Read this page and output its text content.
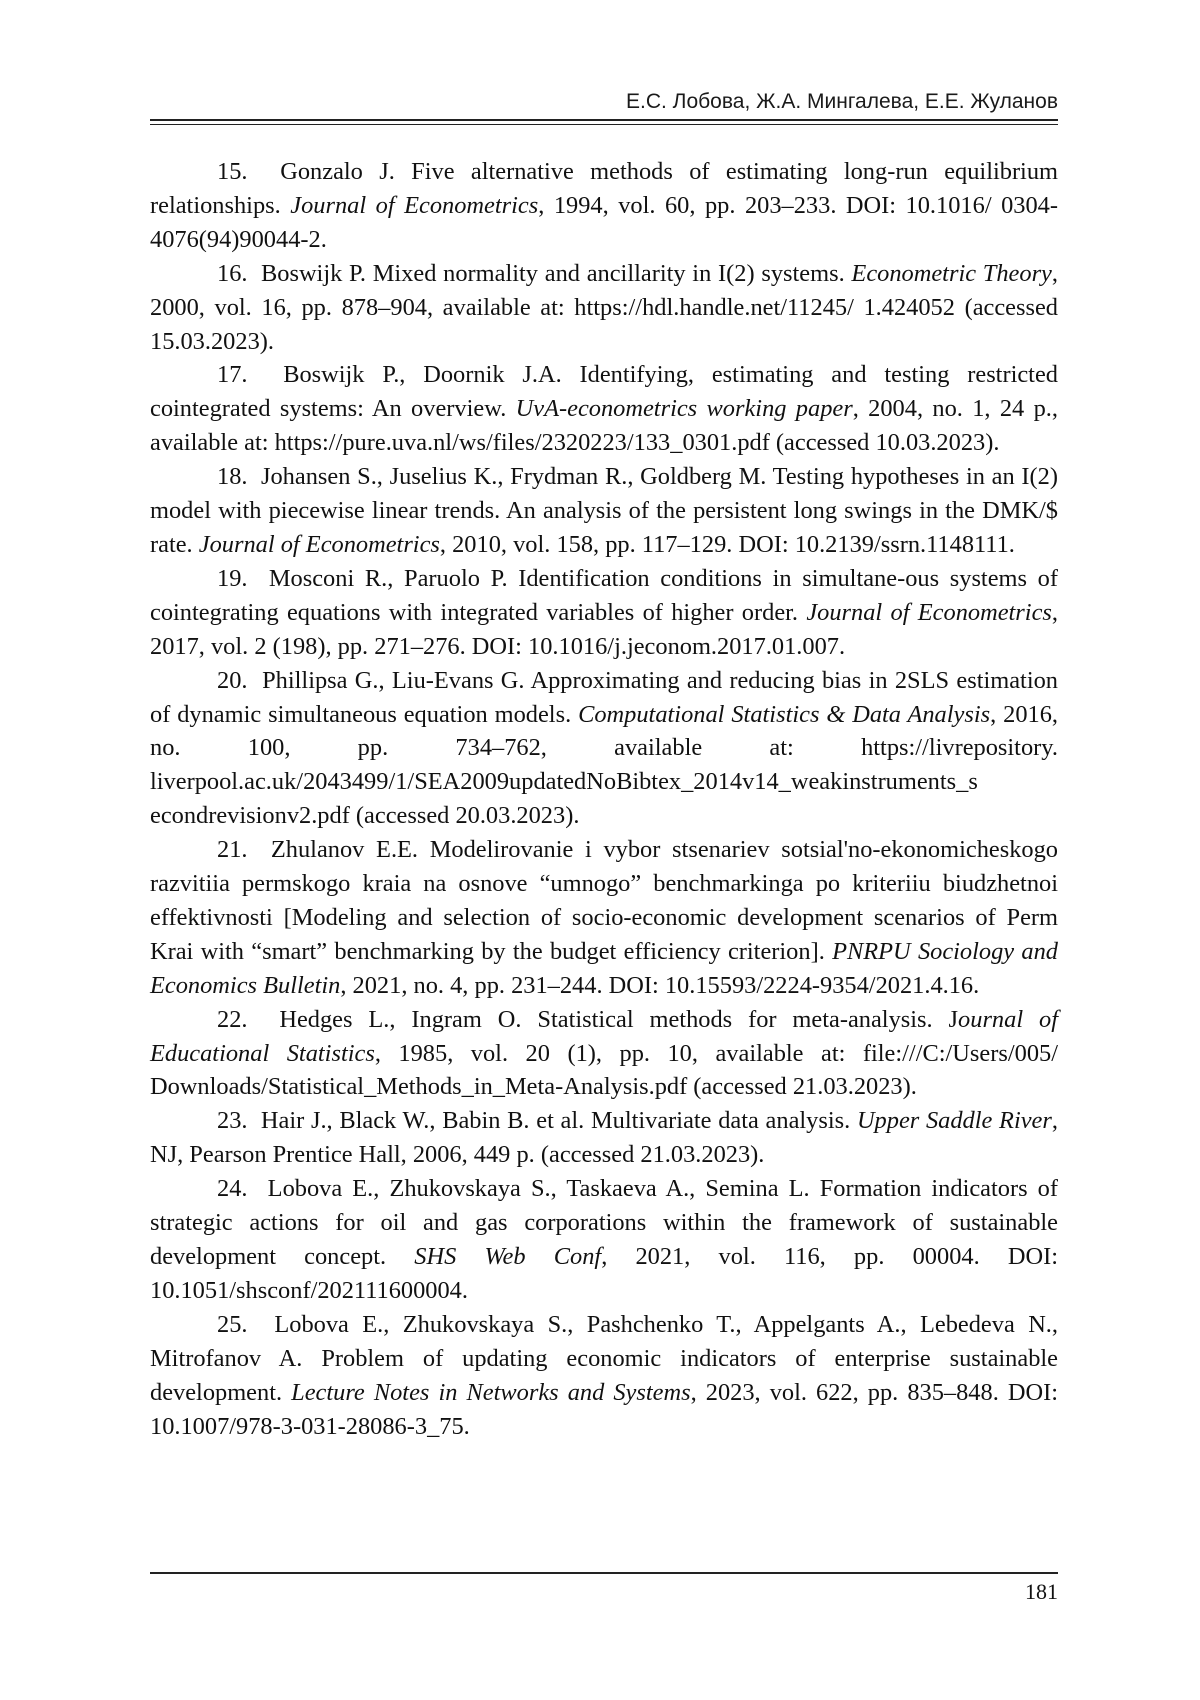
Е.С. Лобова, Ж.А. Мингалева, Е.Е. Жуланов
15. Gonzalo J. Five alternative methods of estimating long-run equilibrium relationships. Journal of Econometrics, 1994, vol. 60, pp. 203–233. DOI: 10.1016/ 0304-4076(94)90044-2.
16. Boswijk P. Mixed normality and ancillarity in I(2) systems. Econometric Theory, 2000, vol. 16, pp. 878–904, available at: https://hdl.handle.net/11245/ 1.424052 (accessed 15.03.2023).
17. Boswijk P., Doornik J.A. Identifying, estimating and testing restricted cointegrated systems: An overview. UvA-econometrics working paper, 2004, no. 1, 24 p., available at: https://pure.uva.nl/ws/files/2320223/133_0301.pdf (accessed 10.03.2023).
18. Johansen S., Juselius K., Frydman R., Goldberg M. Testing hypotheses in an I(2) model with piecewise linear trends. An analysis of the persistent long swings in the DMK/$ rate. Journal of Econometrics, 2010, vol. 158, pp. 117–129. DOI: 10.2139/ssrn.1148111.
19. Mosconi R., Paruolo P. Identification conditions in simultane-ous systems of cointegrating equations with integrated variables of higher order. Journal of Econo­metrics, 2017, vol. 2 (198), pp. 271–276. DOI: 10.1016/j.jeconom.2017.01.007.
20. Phillipsa G., Liu-Evans G. Approximating and reducing bias in 2SLS estimation of dynamic simultaneous equation models. Computational Statistics & Data Analysis, 2016, no. 100, pp. 734–762, available at: https://livrepository. liverpool.ac.uk/2043499/1/SEA2009updatedNoBibtex_2014v14_weakinstruments_s econdrevisionv2.pdf (accessed 20.03.2023).
21. Zhulanov E.E. Modelirovanie i vybor stsenariev sotsial'no-ekonomiches­kogo razvitiia permskogo kraia na osnove “umnogo” benchmarkinga po kriteriiu biudzhetnoi effektivnosti [Modeling and selection of socio-economic development scenarios of Perm Krai with “smart” benchmarking by the budget efficiency criterion]. PNRPU Sociology and Economics Bulletin, 2021, no. 4, pp. 231–244. DOI: 10.15593/2224-9354/2021.4.16.
22. Hedges L., Ingram O. Statistical methods for meta-analysis. Journal of Educational Statistics, 1985, vol. 20 (1), pp. 10, available at: file:///C:/Users/005/ Downloads/Statistical_Methods_in_Meta-Analysis.pdf (accessed 21.03.2023).
23. Hair J., Black W., Babin B. et al. Multivariate data analysis. Upper Saddle River, NJ, Pearson Prentice Hall, 2006, 449 p. (accessed 21.03.2023).
24. Lobova E., Zhukovskaya S., Taskaeva A., Semina L. Formation indi­cators of strategic actions for oil and gas corporations within the framework of sustainable development concept. SHS Web Conf, 2021, vol. 116, pp. 00004. DOI: 10.1051/shsconf/202111600004.
25. Lobova E., Zhukovskaya S., Pashchenko T., Appelgants A., Lebedeva N., Mitrofanov A. Problem of updating economic indicators of enterprise sustainable development. Lecture Notes in Networks and Systems, 2023, vol. 622, pp. 835–848. DOI: 10.1007/978-3-031-28086-3_75.
181
